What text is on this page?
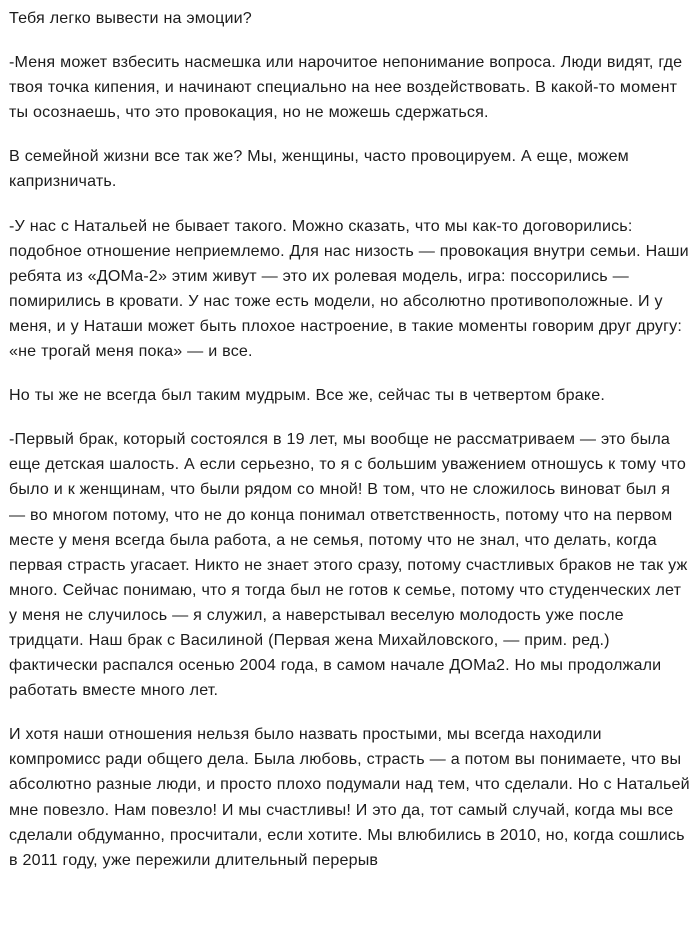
Тебя легко вывести на эмоции?

-Меня может взбесить насмешка или нарочитое непонимание вопроса. Люди видят, где твоя точка кипения, и начинают специально на нее воздействовать. В какой-то момент ты осознаешь, что это провокация, но не можешь сдержаться.

В семейной жизни все так же? Мы, женщины, часто провоцируем. А еще, можем капризничать.

-У нас с Натальей не бывает такого. Можно сказать, что мы как-то договорились: подобное отношение неприемлемо. Для нас низость — провокация внутри семьи. Наши ребята из «ДОМа-2» этим живут — это их ролевая модель, игра: поссорились — помирились в кровати. У нас тоже есть модели, но абсолютно противоположные. И у меня, и у Наташи может быть плохое настроение, в такие моменты говорим друг другу: «не трогай меня пока» — и все.

Но ты же не всегда был таким мудрым. Все же, сейчас ты в четвертом браке.

-Первый брак, который состоялся в 19 лет, мы вообще не рассматриваем — это была еще детская шалость. А если серьезно, то я с большим уважением отношусь к тому что было и к женщинам, что были рядом со мной! В том, что не сложилось виноват был я — во многом потому, что не до конца понимал ответственность, потому что на первом месте у меня всегда была работа, а не семья, потому что не знал, что делать, когда первая страсть угасает. Никто не знает этого сразу, потому счастливых браков не так уж много. Сейчас понимаю, что я тогда был не готов к семье, потому что студенческих лет у меня не случилось — я служил, а наверстывал веселую молодость уже после тридцати. Наш брак с Василиной (Первая жена Михайловского, — прим. ред.) фактически распался осенью 2004 года, в самом начале ДОМа2. Но мы продолжали работать вместе много лет.

И хотя наши отношения нельзя было назвать простыми, мы всегда находили компромисс ради общего дела. Была любовь, страсть — а потом вы понимаете, что вы абсолютно разные люди, и просто плохо подумали над тем, что сделали. Но с Натальей мне повезло. Нам повезло! И мы счастливы! И это да, тот самый случай, когда мы все сделали обдуманно, просчитали, если хотите. Мы влюбились в 2010, но, когда сошлись в 2011 году, уже пережили длительный перерыв
